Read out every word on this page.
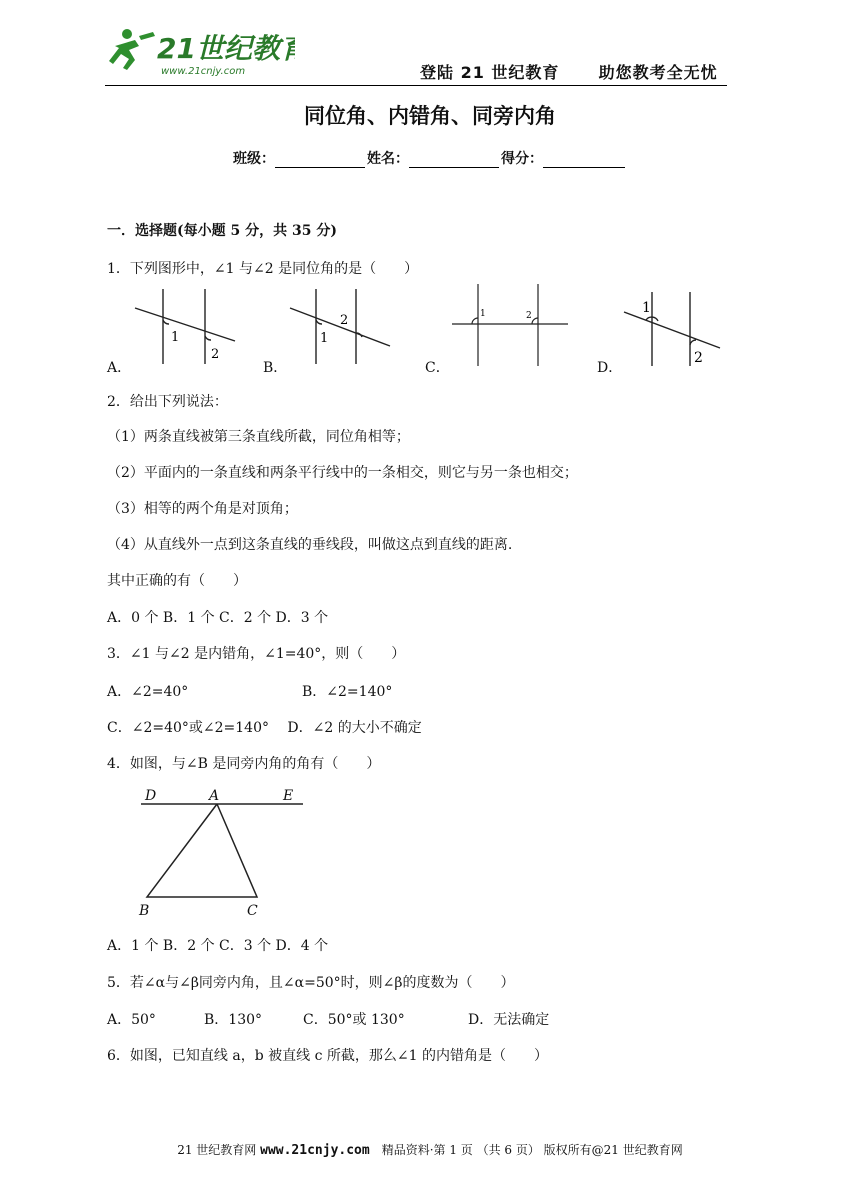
21世纪教育
www.21cnjy.com	登陆 21 世纪教育 助您教考全无忧
同位角、内错角、同旁内角
班级：	姓名：	得分：
一．选择题(每小题 5 分，共 35 分)
1．下列图形中，∠1 与∠2 是同位角的是（　　）
1
2
1
2	1	2	1
2
A．	B．	C．	D．
2．给出下列说法：
（1）两条直线被第三条直线所截，同位角相等；
（2）平面内的一条直线和两条平行线中的一条相交，则它与另一条也相交；
（3）相等的两个角是对顶角；
（4）从直线外一点到这条直线的垂线段，叫做这点到直线的距离.
其中正确的有（　　）
A．0 个 B．1 个 C．2 个 D．3 个
3．∠1 与∠2 是内错角，∠1=40°，则（　　）
A．∠2=40°	B．∠2=140°
C．∠2=40°或∠2=140°　 D．∠2 的大小不确定
4．如图，与∠B 是同旁内角的角有（　　）
D	A	E
B	C
A．1 个 B．2 个 C．3 个 D．4 个
5．若∠α与∠β同旁内角，且∠α=50°时，则∠β的度数为（　　）
A．50°	B．130°	C．50°或 130°	D．无法确定
6．如图，已知直线 a，b 被直线 c 所截，那么∠1 的内错角是（　　）
21 世纪教育网 www.21cnjy.com　精品资料·第 1 页 （共 6 页） 版权所有@21 世纪教育网
